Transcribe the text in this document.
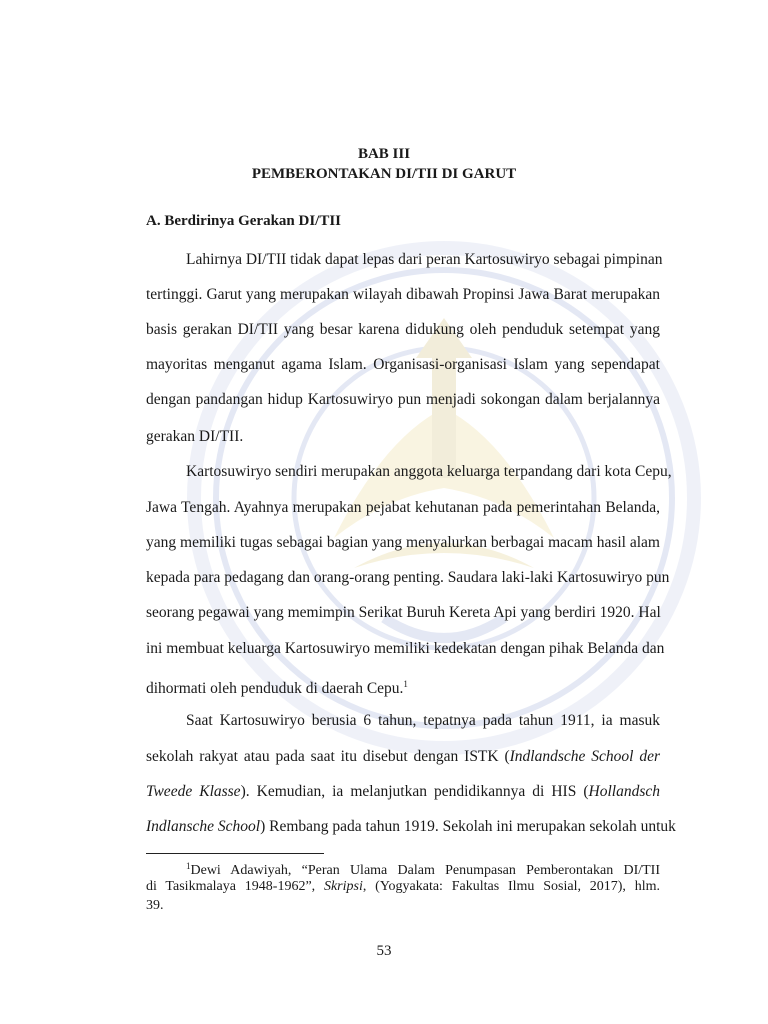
BAB III
PEMBERONTAKAN DI/TII DI GARUT
A. Berdirinya Gerakan DI/TII
Lahirnya DI/TII tidak dapat lepas dari peran Kartosuwiryo sebagai pimpinan
tertinggi. Garut yang merupakan wilayah dibawah Propinsi Jawa Barat merupakan
basis gerakan DI/TII yang besar karena didukung oleh penduduk setempat yang
mayoritas menganut agama Islam. Organisasi-organisasi Islam yang sependapat
dengan pandangan hidup Kartosuwiryo pun menjadi sokongan dalam berjalannya
gerakan DI/TII.
Kartosuwiryo sendiri merupakan anggota keluarga terpandang dari kota Cepu,
Jawa Tengah. Ayahnya merupakan pejabat kehutanan pada pemerintahan Belanda,
yang memiliki tugas sebagai bagian yang menyalurkan berbagai macam hasil alam
kepada para pedagang dan orang-orang penting. Saudara laki-laki Kartosuwiryo pun
seorang pegawai yang memimpin Serikat Buruh Kereta Api yang berdiri 1920. Hal
ini membuat keluarga Kartosuwiryo memiliki kedekatan dengan pihak Belanda dan
dihormati oleh penduduk di daerah Cepu.$^1$
Saat Kartosuwiryo berusia 6 tahun, tepatnya pada tahun 1911, ia masuk
sekolah rakyat atau pada saat itu disebut dengan ISTK (Indlandsche School der
Tweede Klasse). Kemudian, ia melanjutkan pendidikannya di HIS (Hollandsch
Indlansche School) Rembang pada tahun 1919. Sekolah ini merupakan sekolah untuk
$^1$Dewi Adawiyah, “Peran Ulama Dalam Penumpasan Pemberontakan DI/TII
di Tasikmalaya 1948-1962”, Skripsi, (Yogyakata: Fakultas Ilmu Sosial, 2017), hlm.
39.
53
